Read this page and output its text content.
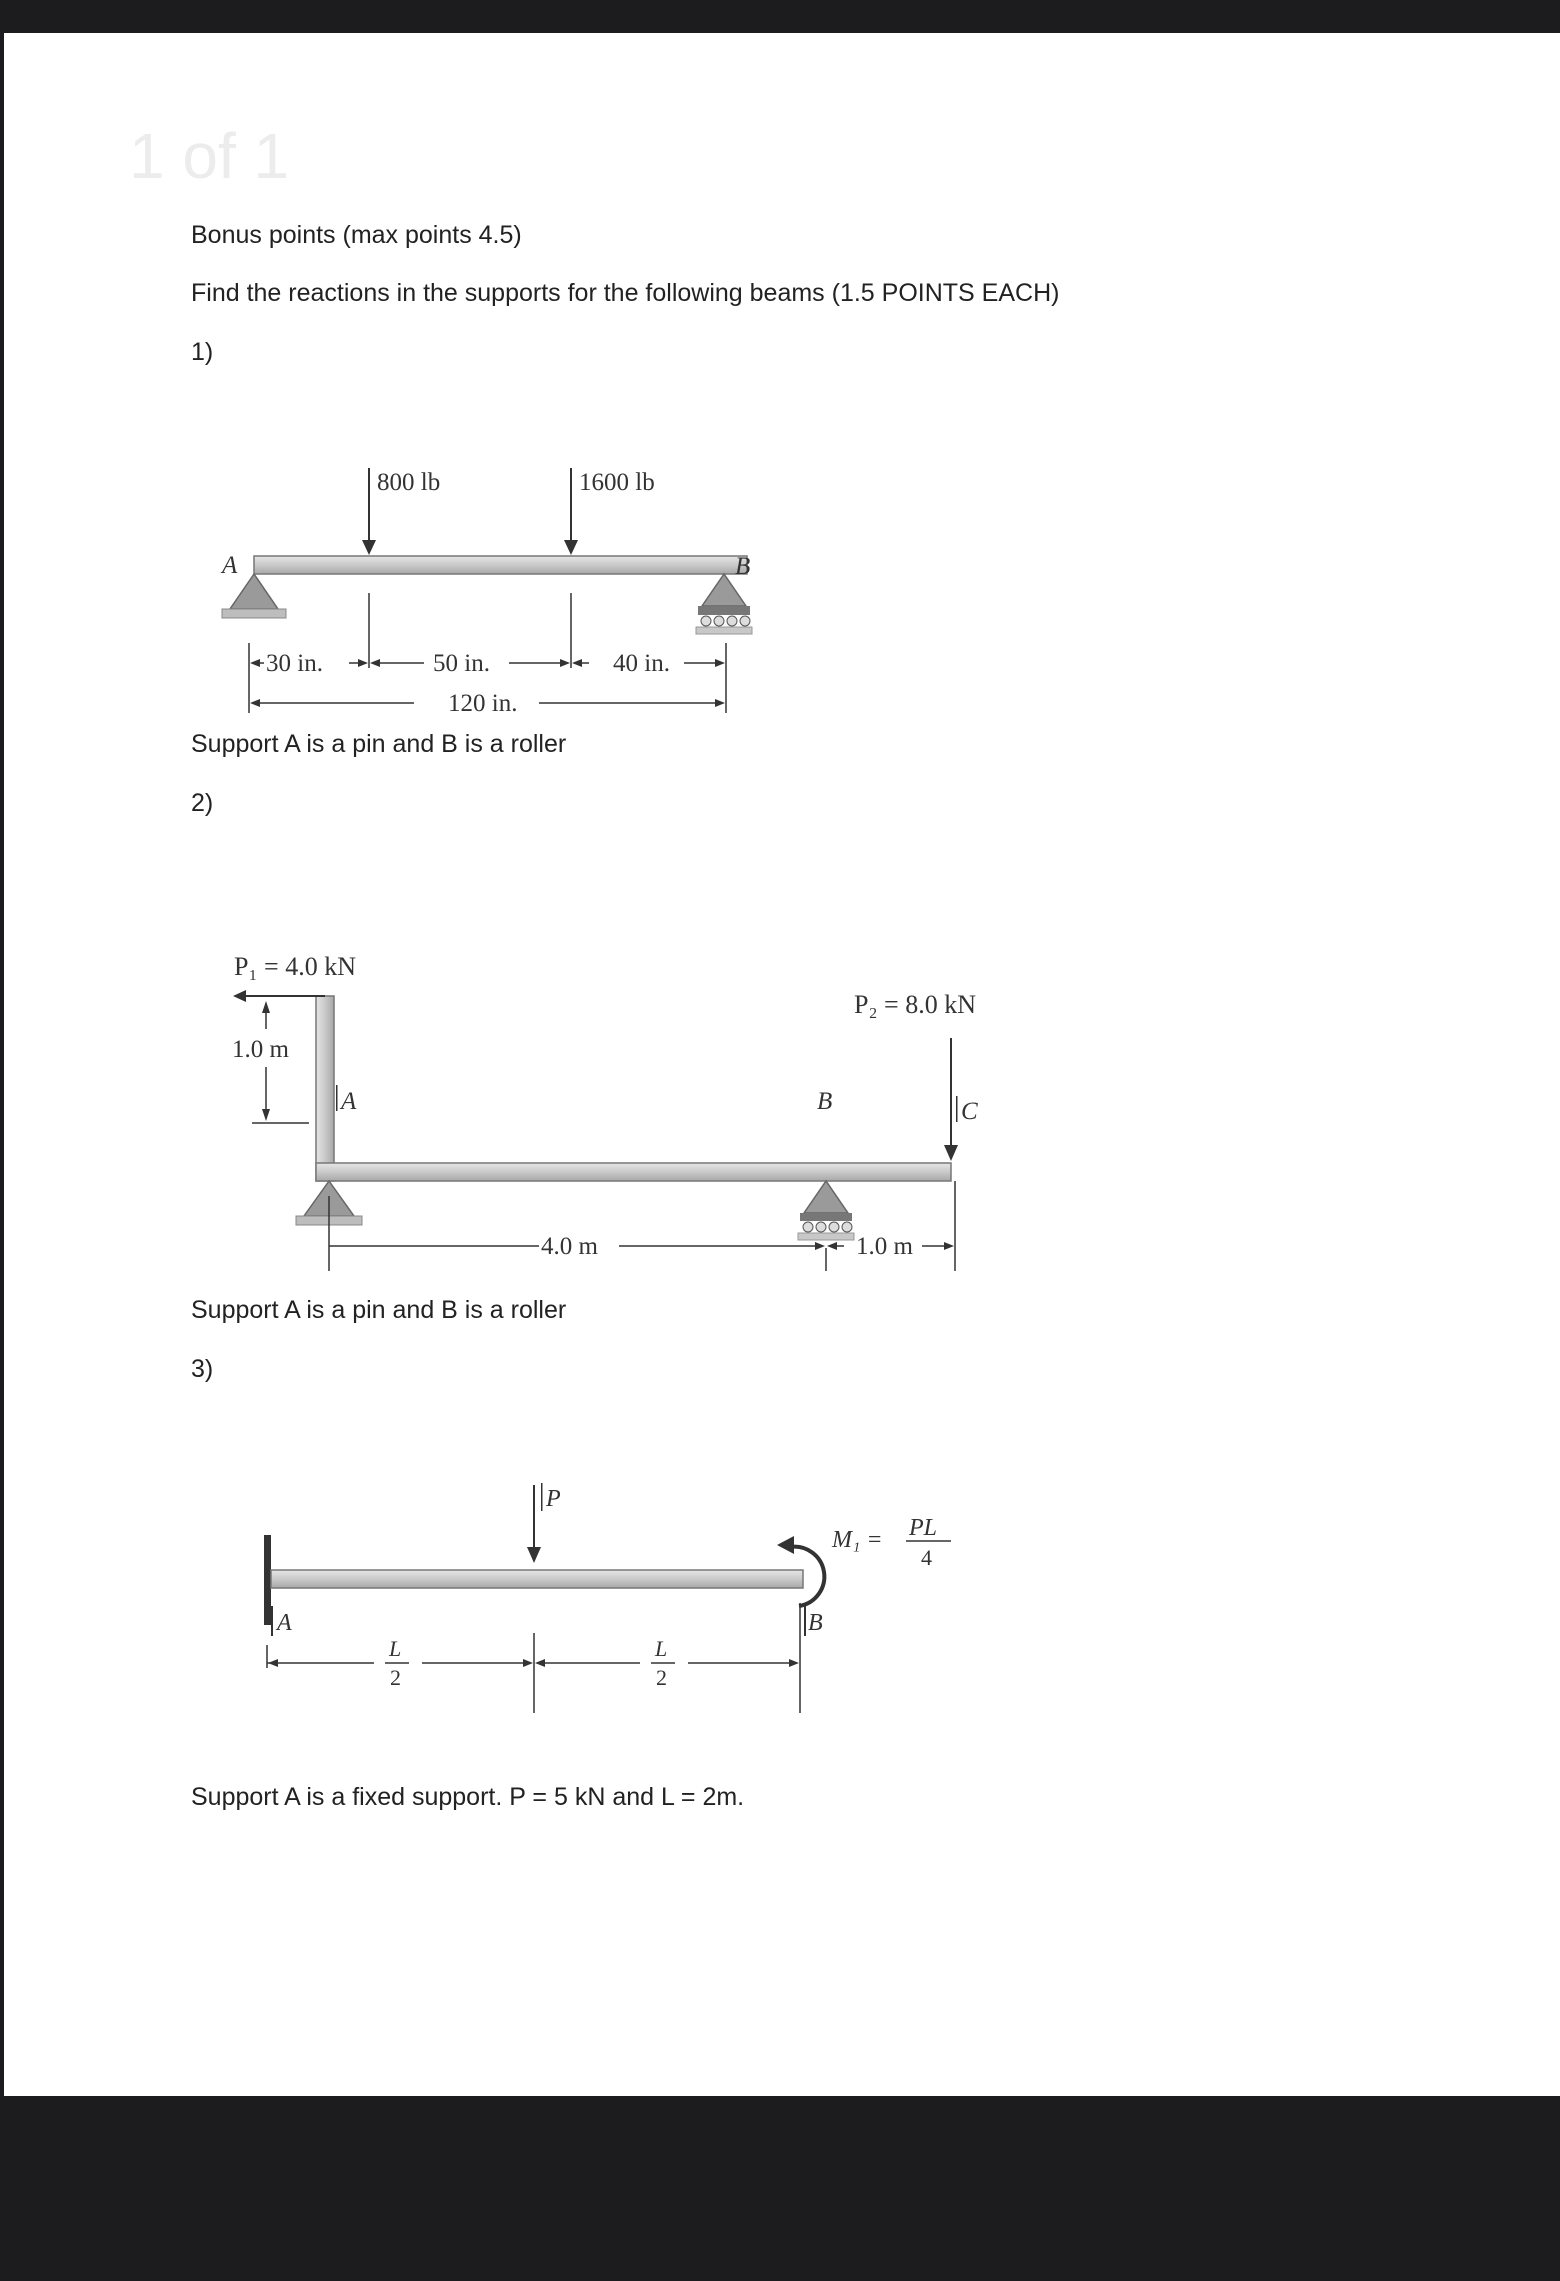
1 of 1
Bonus points (max points 4.5)
Find the reactions in the supports for the following beams (1.5 POINTS EACH)
1)
800 lb	1600 lb
A	B
30 in.	50 in.	40 in.
120 in.
Support A is a pin and B is a roller
2)
P₁ = 4.0 kN
1.0 m
A	B
P₂ = 8.0 kN
C
4.0 m	1.0 m
Support A is a pin and B is a roller
3)
A
P
M₁ = PL
4
B
L
2
L
2
Support A is a fixed support. P = 5 kN and L = 2m.
